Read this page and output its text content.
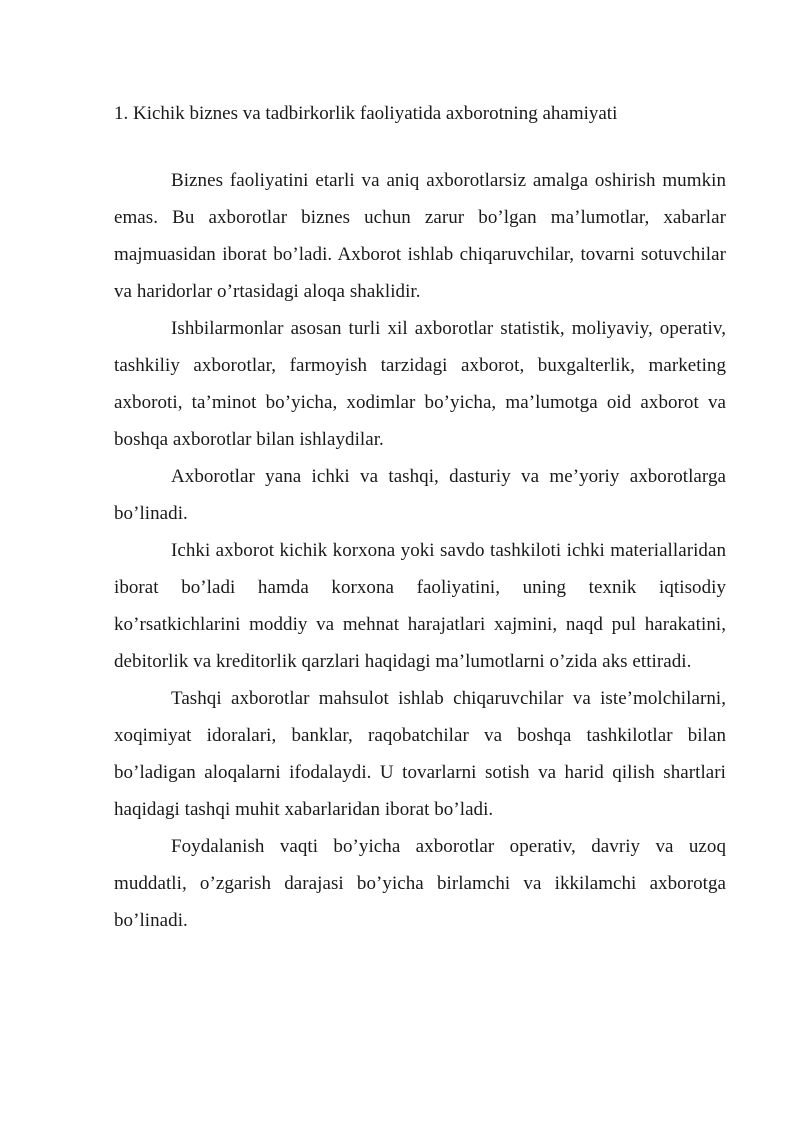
1. Kichik biznes va tadbirkorlik faoliyatida axborotning ahamiyati

Biznes faoliyatini etarli va aniq axborotlarsiz amalga oshirish mumkin emas. Bu axborotlar biznes uchun zarur bo’lgan ma’lumotlar, xabarlar majmuasidan iborat bo’ladi. Axborot ishlab chiqaruvchilar, tovarni sotuvchilar va haridorlar o’rtasidagi aloqa shaklidir.

Ishbilarmonlar asosan turli xil axborotlar statistik, moliyaviy, operativ, tashkiliy axborotlar, farmoyish tarzidagi axborot, buxgalterlik, marketing axboroti, ta’minot bo’yicha, xodimlar bo’yicha, ma’lumotga oid axborot va boshqa axborotlar bilan ishlaydilar.

Axborotlar yana ichki va tashqi, dasturiy va me’yoriy axborotlarga bo’linadi.

Ichki axborot kichik korxona yoki savdo tashkiloti ichki materiallaridan iborat bo’ladi hamda korxona faoliyatini, uning texnik iqtisodiy ko’rsatkichlarini moddiy va mehnat harajatlari xajmini, naqd pul harakatini, debitorlik va kreditorlik qarzlari haqidagi ma’lumotlarni o’zida aks ettiradi.

Tashqi axborotlar mahsulot ishlab chiqaruvchilar va iste’molchilarni, xoqimiyat idoralari, banklar, raqobatchilar va boshqa tashkilotlar bilan bo’ladigan aloqalarni ifodalaydi. U tovarlarni sotish va harid qilish shartlari haqidagi tashqi muhit xabarlaridan iborat bo’ladi.

Foydalanish vaqti bo’yicha axborotlar operativ, davriy va uzoq muddatli, o’zgarish darajasi bo’yicha birlamchi va ikkilamchi axborotga bo’linadi.
